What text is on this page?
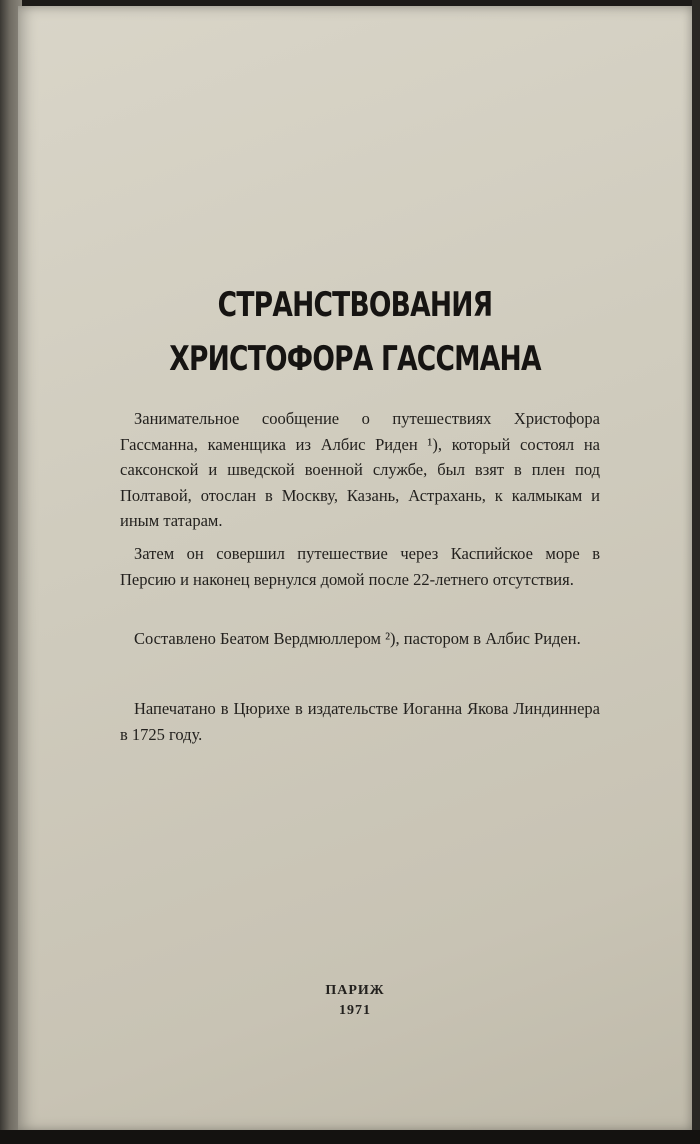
СТРАНСТВОВАНИЯ
ХРИСТОФОРА ГАССМАНА

Занимательное сообщение о путешествиях Христофора Гассманна, каменщика из Албис Риден ¹), который состоял на саксонской и шведской военной службе, был взят в плен под Полтавой, отослан в Москву, Казань, Астрахань, к калмыкам и иным татарам.

Затем он совершил путешествие через Каспийское море в Персию и наконец вернулся домой после 22-летнего отсутствия.

Составлено Беатом Вердмюллером ²), пастором в Албис Риден.

Напечатано в Цюрихе в издательстве Иоганна Якова Линдиннера в 1725 году.

ПАРИЖ
1971
